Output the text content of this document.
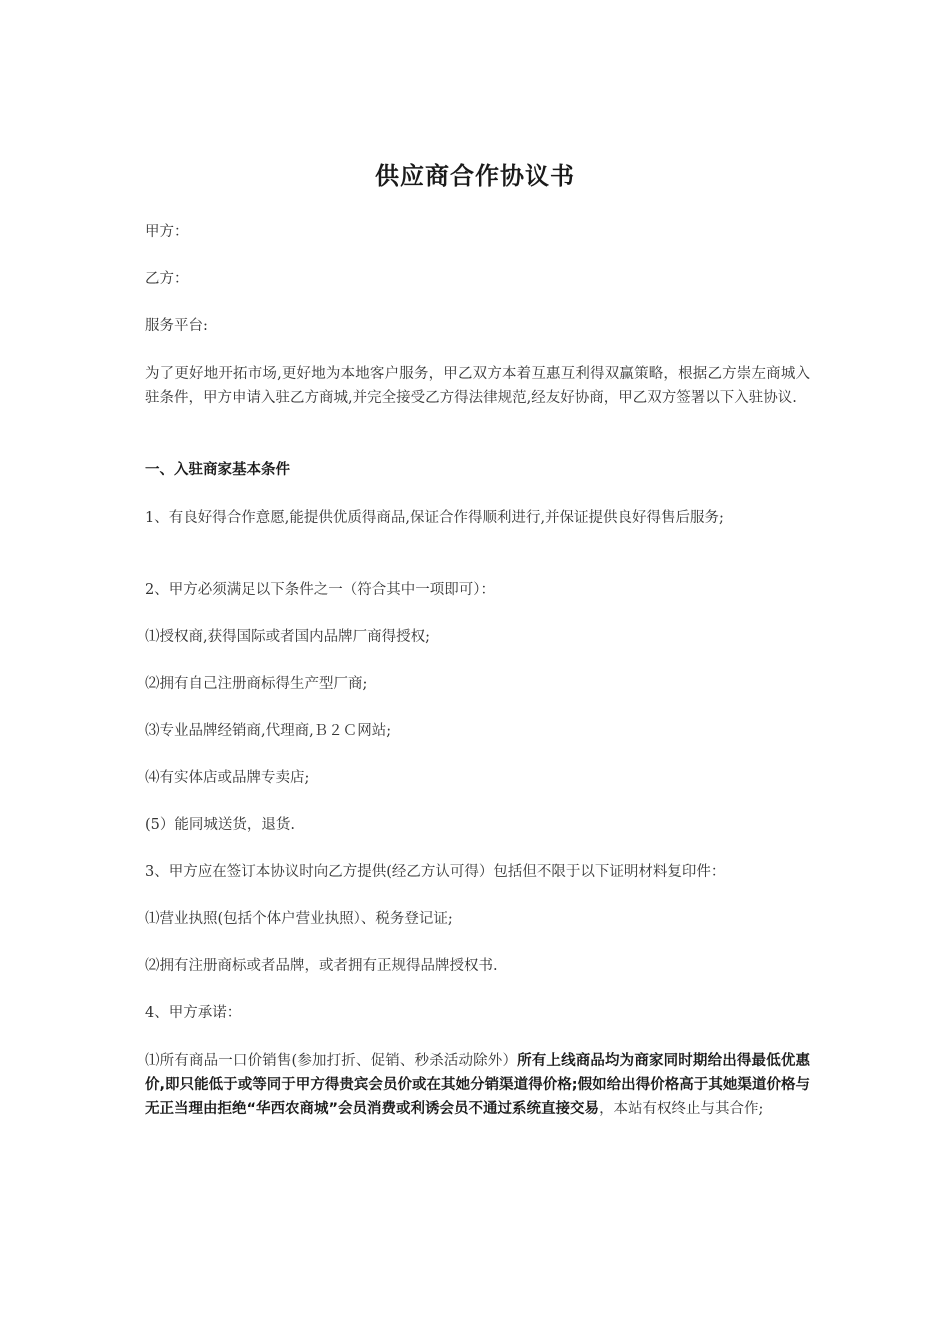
供应商合作协议书
甲方：
乙方：
服务平台:
为了更好地开拓市场,更好地为本地客户服务，甲乙双方本着互惠互利得双赢策略，根据乙方崇左商城入驻条件，甲方申请入驻乙方商城,并完全接受乙方得法律规范,经友好协商，甲乙双方签署以下入驻协议.
一、入驻商家基本条件
1、有良好得合作意愿,能提供优质得商品,保证合作得顺利进行,并保证提供良好得售后服务;
2、甲方必须满足以下条件之一（符合其中一项即可）：
⑴授权商,获得国际或者国内品牌厂商得授权;
⑵拥有自己注册商标得生产型厂商;
⑶专业品牌经销商,代理商,Ｂ２Ｃ网站;
⑷有实体店或品牌专卖店;
(5）能同城送货，退货.
3、甲方应在签订本协议时向乙方提供(经乙方认可得）包括但不限于以下证明材料复印件：
⑴营业执照(包括个体户营业执照）、税务登记证;
⑵拥有注册商标或者品牌，或者拥有正规得品牌授权书.
4、甲方承诺：
⑴所有商品一口价销售(参加打折、促销、秒杀活动除外）所有上线商品均为商家同时期给出得最低优惠价,即只能低于或等同于甲方得贵宾会员价或在其她分销渠道得价格;假如给出得价格高于其她渠道价格与无正当理由拒绝“华西农商城”会员消费或利诱会员不通过系统直接交易，本站有权终止与其合作;
